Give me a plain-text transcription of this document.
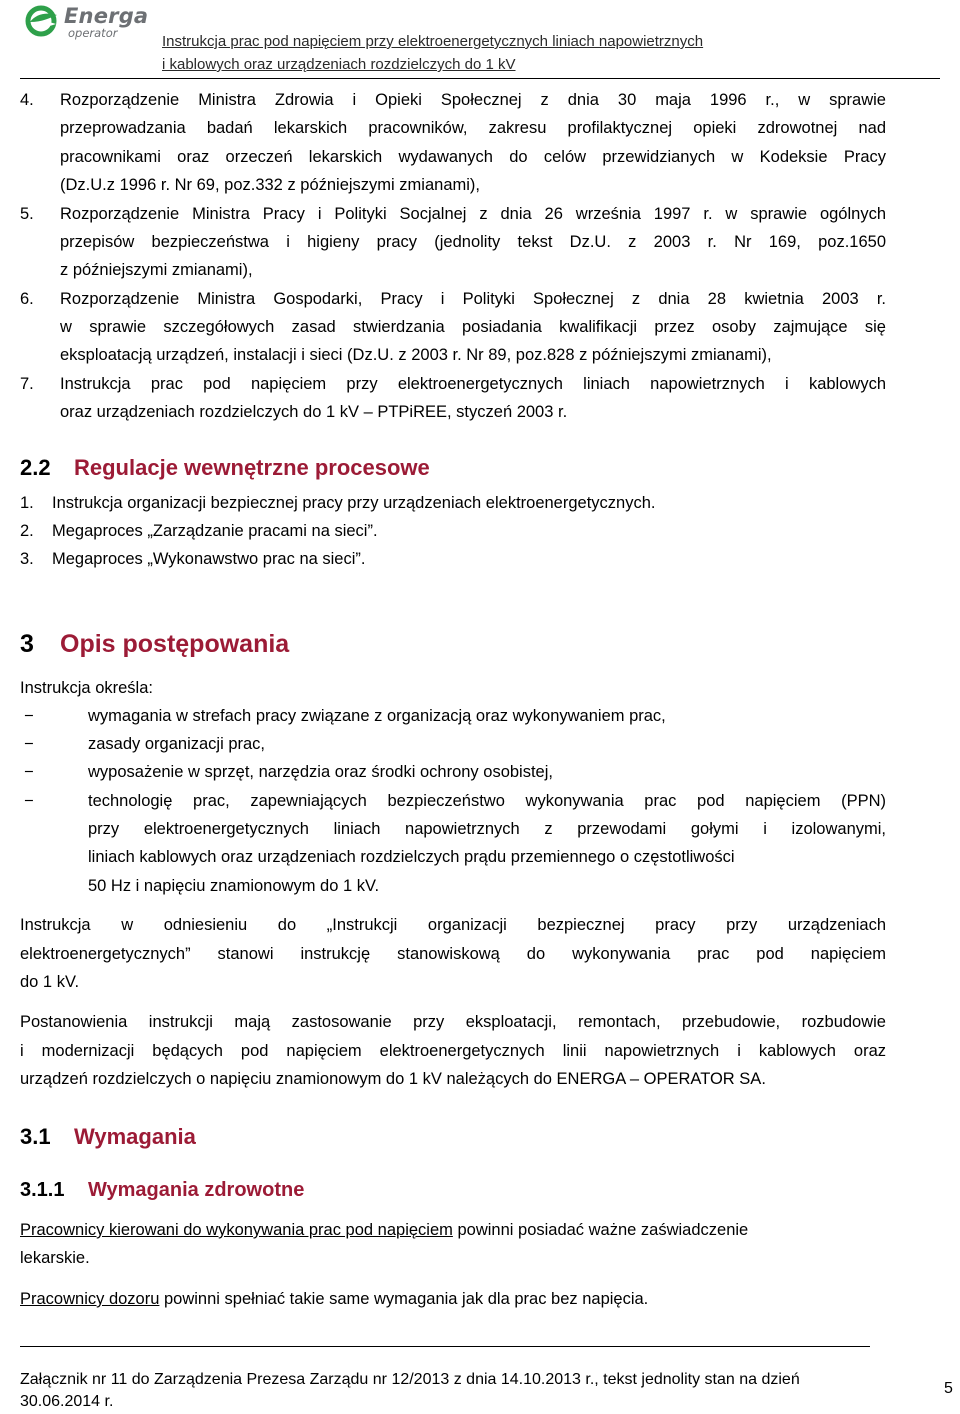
Energa
operator	Instrukcja prac pod napięciem przy elektroenergetycznych liniach napowietrznych
i kablowych oraz urządzeniach rozdzielczych do 1 kV
4. Rozporządzenie Ministra Zdrowia i Opieki Społecznej z dnia 30 maja 1996 r., w sprawie
przeprowadzania badań lekarskich pracowników, zakresu profilaktycznej opieki zdrowotnej nad
pracownikami oraz orzeczeń lekarskich wydawanych do celów przewidzianych w Kodeksie Pracy
(Dz.U.z 1996 r. Nr 69, poz.332 z późniejszymi zmianami),
5. Rozporządzenie Ministra Pracy i Polityki Socjalnej z dnia 26 września 1997 r. w sprawie ogólnych
przepisów bezpieczeństwa i higieny pracy (jednolity tekst Dz.U. z 2003 r. Nr 169, poz.1650
z późniejszymi zmianami),
6. Rozporządzenie Ministra Gospodarki, Pracy i Polityki Społecznej z dnia 28 kwietnia 2003 r.
w sprawie szczegółowych zasad stwierdzania posiadania kwalifikacji przez osoby zajmujące się
eksploatacją urządzeń, instalacji i sieci (Dz.U. z 2003 r. Nr 89, poz.828 z późniejszymi zmianami),
7. Instrukcja prac pod napięciem przy elektroenergetycznych liniach napowietrznych i kablowych
oraz urządzeniach rozdzielczych do 1 kV – PTPiREE, styczeń 2003 r.
2.2 Regulacje wewnętrzne procesowe
1. Instrukcja organizacji bezpiecznej pracy przy urządzeniach elektroenergetycznych.
2. Megaproces „Zarządzanie pracami na sieci”.
3. Megaproces „Wykonawstwo prac na sieci”.
3 Opis postępowania
Instrukcja określa:
−	wymagania w strefach pracy związane z organizacją oraz wykonywaniem prac,
−	zasady organizacji prac,
−	wyposażenie w sprzęt, narzędzia oraz środki ochrony osobistej,
−	technologię prac, zapewniających bezpieczeństwo wykonywania prac pod napięciem (PPN)
przy elektroenergetycznych liniach napowietrznych z przewodami gołymi i izolowanymi,
liniach kablowych oraz urządzeniach rozdzielczych prądu przemiennego o częstotliwości
50 Hz i napięciu znamionowym do 1 kV.
Instrukcja w odniesieniu do „Instrukcji organizacji bezpiecznej pracy przy urządzeniach
elektroenergetycznych” stanowi instrukcję stanowiskową do wykonywania prac pod napięciem
do 1 kV.
Postanowienia instrukcji mają zastosowanie przy eksploatacji, remontach, przebudowie, rozbudowie
i modernizacji będących pod napięciem elektroenergetycznych linii napowietrznych i kablowych oraz
urządzeń rozdzielczych o napięciu znamionowym do 1 kV należących do ENERGA – OPERATOR SA.
3.1 Wymagania
3.1.1 Wymagania zdrowotne
Pracownicy kierowani do wykonywania prac pod napięciem powinni posiadać ważne zaświadczenie
lekarskie.
Pracownicy dozoru powinni spełniać takie same wymagania jak dla prac bez napięcia.
Załącznik nr 11 do Zarządzenia Prezesa Zarządu nr 12/2013 z dnia 14.10.2013 r., tekst jednolity stan na dzień
30.06.2014 r.
5
